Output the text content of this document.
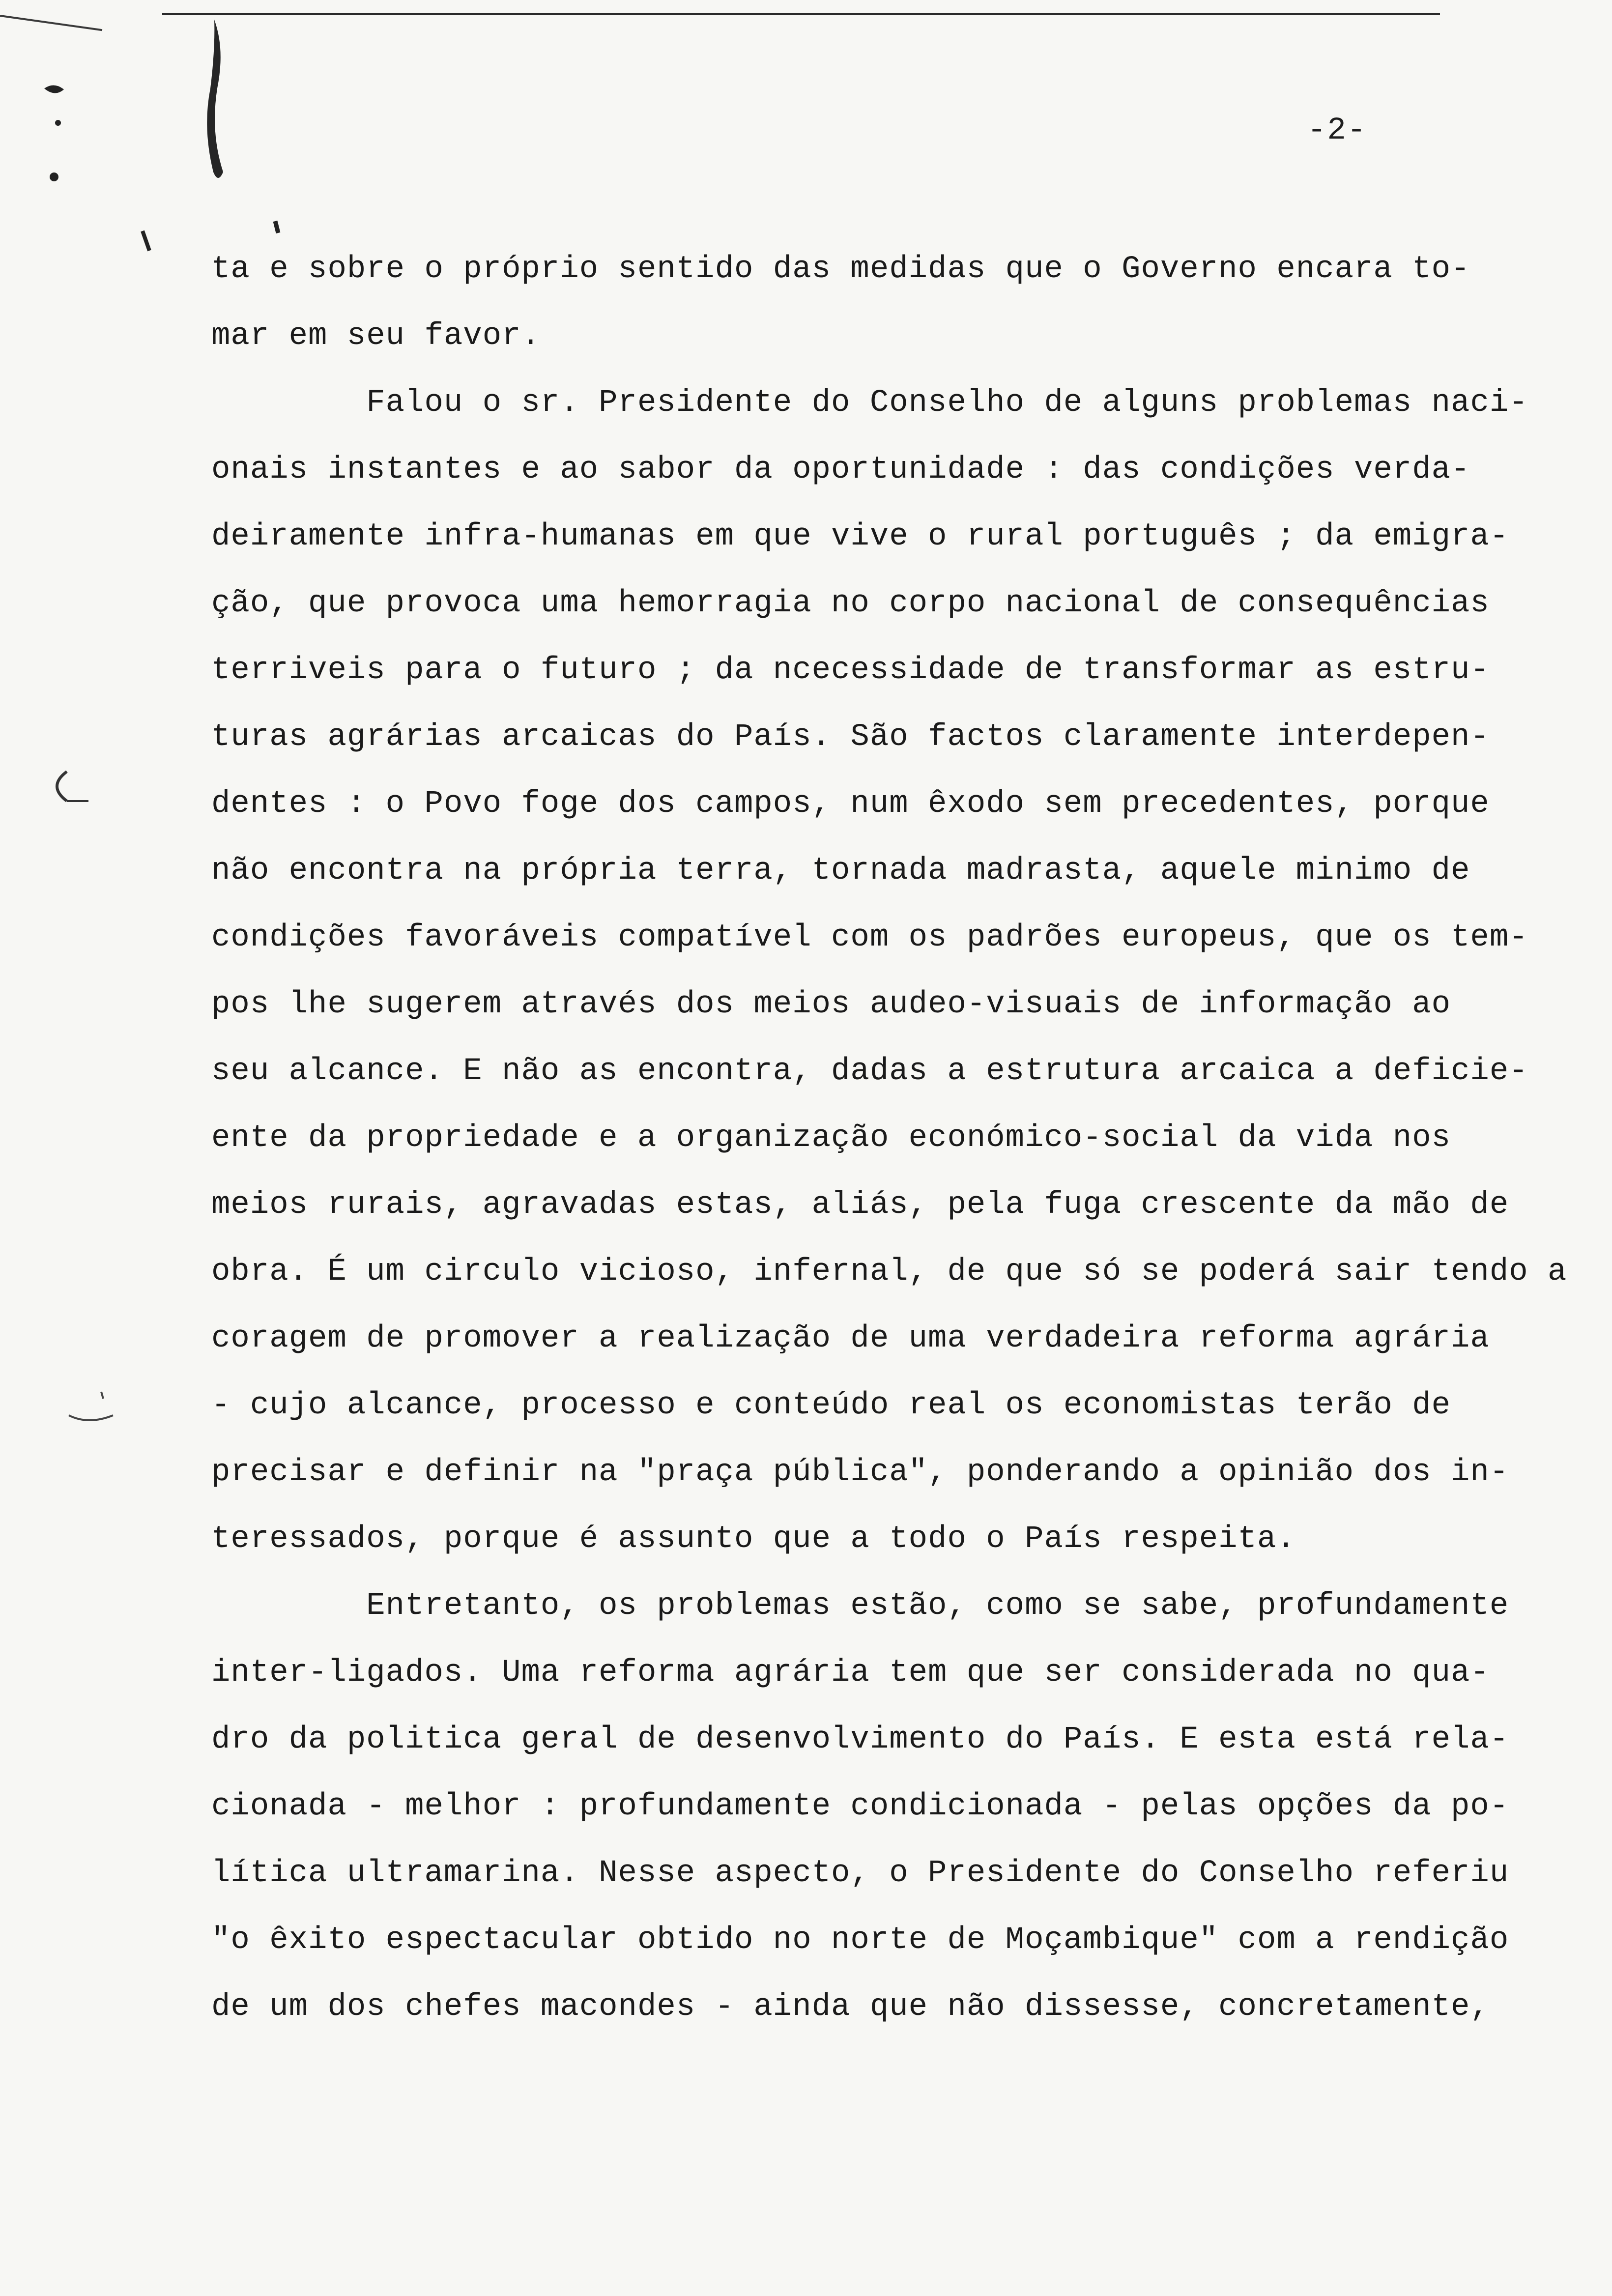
-2-
ta e sobre o próprio sentido das medidas que o Governo encara to-
mar em seu favor.
Falou o sr. Presidente do Conselho de alguns problemas naci-
onais instantes e ao sabor da oportunidade : das condições verda-
deiramente infra-humanas em que vive o rural português ; da emigra-
ção, que provoca uma hemorragia no corpo nacional de consequências
terriveis para o futuro ; da ncecessidade de transformar as estru-
turas agrárias arcaicas do País. São factos claramente interdepen-
dentes : o Povo foge dos campos, num êxodo sem precedentes, porque
não encontra na própria terra, tornada madrasta, aquele minimo de
condições favoráveis compatível com os padrões europeus, que os tem-
pos lhe sugerem através dos meios audeo-visuais de informação ao
seu alcance. E não as encontra, dadas a estrutura arcaica a deficie-
ente da propriedade e a organização económico-social da vida nos
meios rurais, agravadas estas, aliás, pela fuga crescente da mão de
obra. É um circulo vicioso, infernal, de que só se poderá sair tendo a
coragem de promover a realização de uma verdadeira reforma agrária
- cujo alcance, processo e conteúdo real os economistas terão de
precisar e definir na "praça pública", ponderando a opinião dos in-
teressados, porque é assunto que a todo o País respeita.
Entretanto, os problemas estão, como se sabe, profundamente
inter-ligados. Uma reforma agrária tem que ser considerada no qua-
dro da politica geral de desenvolvimento do País. E esta está rela-
cionada - melhor : profundamente condicionada - pelas opções da po-
lítica ultramarina. Nesse aspecto, o Presidente do Conselho referiu
"o êxito espectacular obtido no norte de Moçambique" com a rendição
de um dos chefes macondes - ainda que não dissesse, concretamente,
